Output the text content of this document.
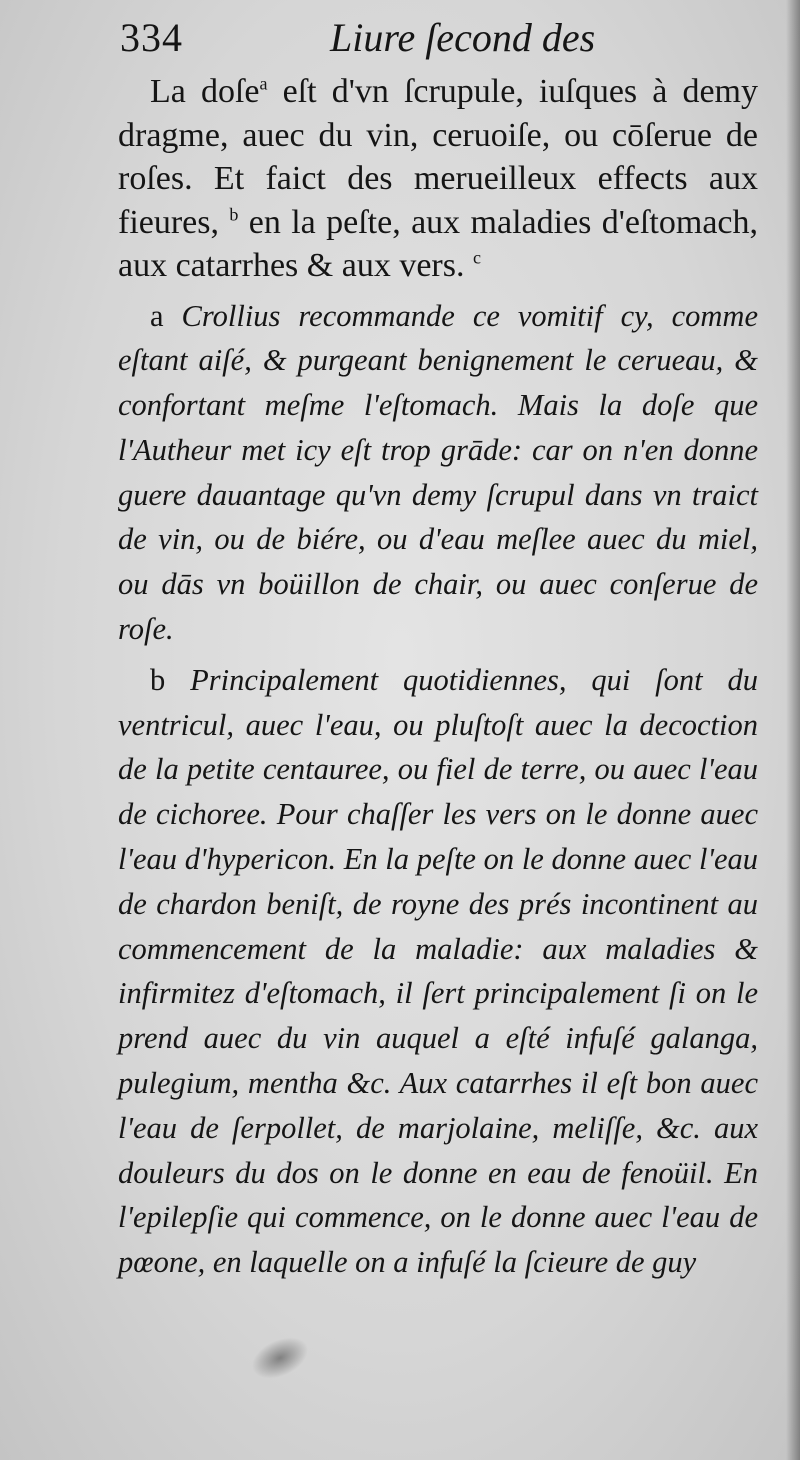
334	Liure ſecond des

La doſe$^a$ eſt d'vn ſcrupule, iuſques à demy dragme, auec du vin, ceruoiſe, ou cōſerue de roſes. Et faict des merueilleux effects aux fieures, $^b$ en la peſte, aux maladies d'eſtomach, aux catarrhes & aux vers. $^c$

a Crollius recommande ce vomitif cy, comme eſtant aiſé, & purgeant benignement le cerueau, & confortant meſme l'eſtomach. Mais la doſe que l'Autheur met icy eſt trop grāde: car on n'en donne guere dauantage qu'vn demy ſcrupul dans vn traict de vin, ou de biére, ou d'eau meſlee auec du miel, ou dās vn boüillon de chair, ou auec conſerue de roſe.

b Principalement quotidiennes, qui ſont du ventricul, auec l'eau, ou pluſtoſt auec la decoction de la petite centauree, ou fiel de terre, ou auec l'eau de cichoree. Pour chaſſer les vers on le donne auec l'eau d'hypericon. En la peſte on le donne auec l'eau de chardon beniſt, de royne des prés incontinent au commencement de la maladie: aux maladies & infirmitez d'eſtomach, il ſert principalement ſi on le prend auec du vin auquel a eſté infuſé galanga, pulegium, mentha &c. Aux catarrhes il eſt bon auec l'eau de ſerpollet, de marjolaine, meliſſe, &c. aux douleurs du dos on le donne en eau de fenoüil. En l'epilepſie qui commence, on le donne auec l'eau de pœone, en laquelle on a infuſé la ſcieure de guy
